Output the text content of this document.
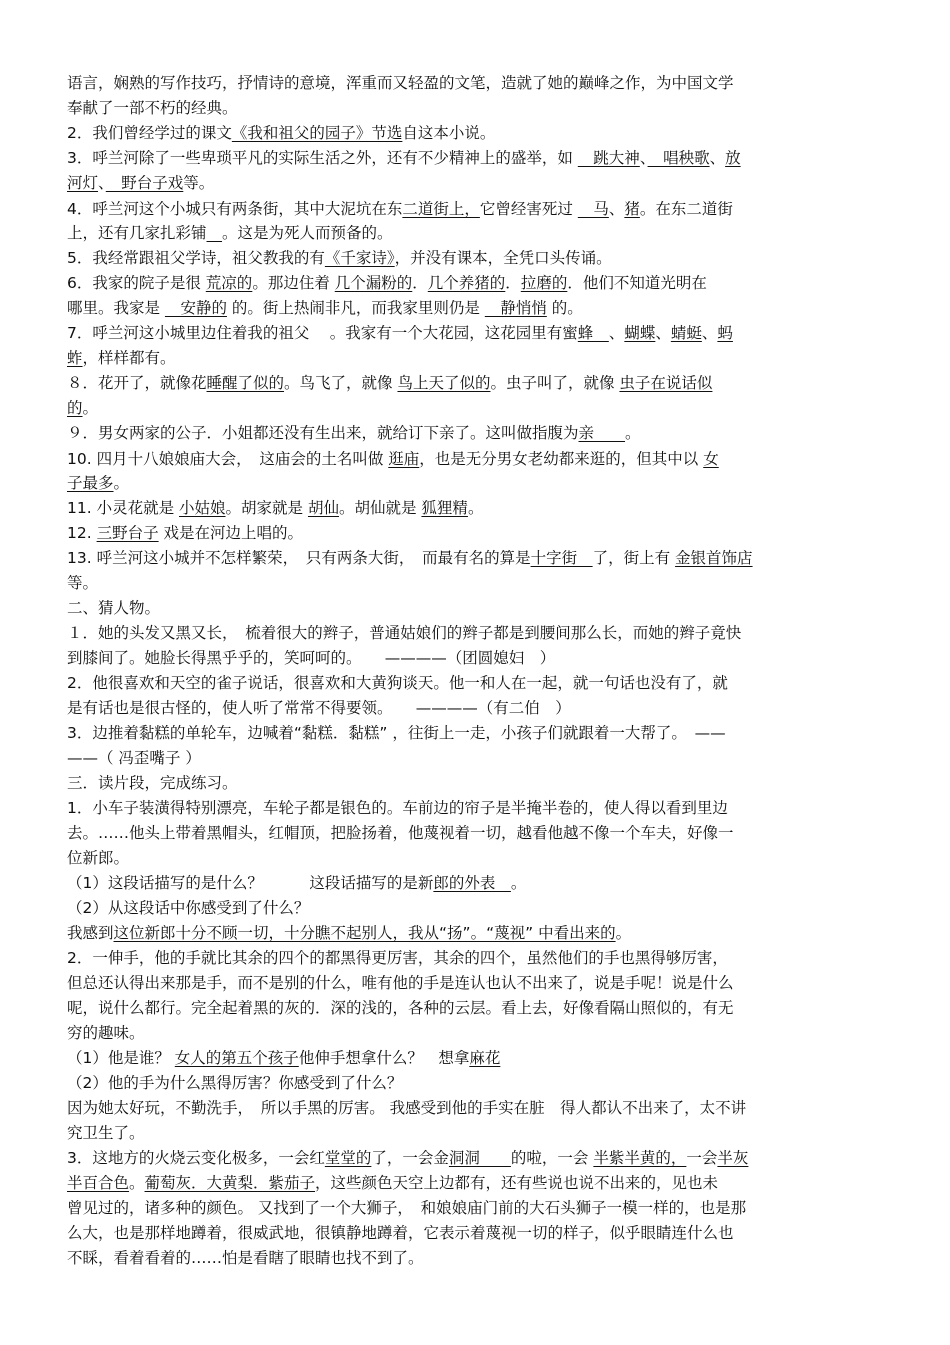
语言，娴熟的写作技巧，抒情诗的意境，浑重而又轻盈的文笔，造就了她的巅峰之作，为中国文学
奉献了一部不朽的经典。
2．我们曾经学过的课文《我和祖父的园子》节选自这本小说。
3．呼兰河除了一些卑琐平凡的实际生活之外，还有不少精神上的盛举，如 　跳大神、　唱秧歌、放
河灯、　野台子戏等。
4．呼兰河这个小城只有两条街，其中大泥坑在东二道街上，它曾经害死过 　马、猪。在东二道街
上，还有几家扎彩铺　 。这是为死人而预备的。
5．我经常跟祖父学诗，祖父教我的有《千家诗》，并没有课本，全凭口头传诵。
6．我家的院子是很 荒凉的。那边住着 几个漏粉的．几个养猪的．拉磨的．他们不知道光明在
哪里。我家是 　安静的 的。街上热闹非凡，而我家里则仍是 　静悄悄 的。
7．呼兰河这小城里边住着我的祖父 　。我家有一个大花园，这花园里有蜜蜂　、蝴蝶、蜻蜓、蚂
蚱，样样都有。
８．花开了，就像花睡醒了似的。鸟飞了，就像 鸟上天了似的。虫子叫了，就像 虫子在说话似
的。
９．男女两家的公子．小姐都还没有生出来，就给订下亲了。这叫做指腹为亲　　。
10. 四月十八娘娘庙大会，　这庙会的土名叫做 逛庙，也是无分男女老幼都来逛的，但其中以 女
子最多。
11. 小灵花就是 小姑娘。胡家就是 胡仙。胡仙就是 狐狸精。
12. 三野台子 戏是在河边上唱的。
13. 呼兰河这小城并不怎样繁荣，　只有两条大街，　而最有名的算是十字街　了，街上有 金银首饰店
等。
二、猜人物。
１．她的头发又黑又长，　梳着很大的辫子，普通姑娘们的辫子都是到腰间那么长，而她的辫子竟快
到膝间了。她脸长得黑乎乎的，笑呵呵的。　　————（团圆媳妇　）
2．他很喜欢和天空的雀子说话，很喜欢和大黄狗谈天。他一和人在一起，就一句话也没有了，就
是有话也是很古怪的，使人听了常常不得要领。　　————（有二伯　）
3．边推着黏糕的单轮车，边喊着“黏糕．黏糕” ，往街上一走，小孩子们就跟着一大帮了。　——
——（ 冯歪嘴子 ）
三．读片段，完成练习。
1．小车子装潢得特别漂亮，车轮子都是银色的。车前边的帘子是半掩半卷的，使人得以看到里边
去。……他头上带着黑帽头，红帽顶，把脸扬着，他蔑视着一切，越看他越不像一个车夫，好像一
位新郎。
（1）这段话描写的是什么？　　　这段话描写的是新郎的外表　。
（2）从这段话中你感受到了什么？
我感到这位新郎十分不顾一切，十分瞧不起别人，我从“扬”。“蔑视” 中看出来的。
2．一伸手，他的手就比其余的四个的都黑得更厉害，其余的四个，虽然他们的手也黑得够厉害，
但总还认得出来那是手，而不是别的什么，唯有他的手是连认也认不出来了，说是手呢！说是什么
呢，说什么都行。完全起着黑的灰的．深的浅的，各种的云层。看上去，好像看隔山照似的，有无
穷的趣味。
（1）他是谁？ 女人的第五个孩子他伸手想拿什么？　想拿麻花
（2）他的手为什么黑得厉害？你感受到了什么？
因为她太好玩，不勤洗手，　所以手黑的厉害。 我感受到他的手实在脏　得人都认不出来了，太不讲
究卫生了。
3．这地方的火烧云变化极多，一会红堂堂的了，一会金洞洞　　的啦，一会 半紫半黄的，一会半灰
半百合色。葡萄灰．大黄梨．紫茄子，这些颜色天空上边都有，还有些说也说不出来的，见也未
曾见过的，诸多种的颜色。 又找到了一个大狮子，　和娘娘庙门前的大石头狮子一模一样的，也是那
么大，也是那样地蹲着，很威武地，很镇静地蹲着，它表示着蔑视一切的样子，似乎眼睛连什么也
不睬，看着看着的……怕是看瞎了眼睛也找不到了。
